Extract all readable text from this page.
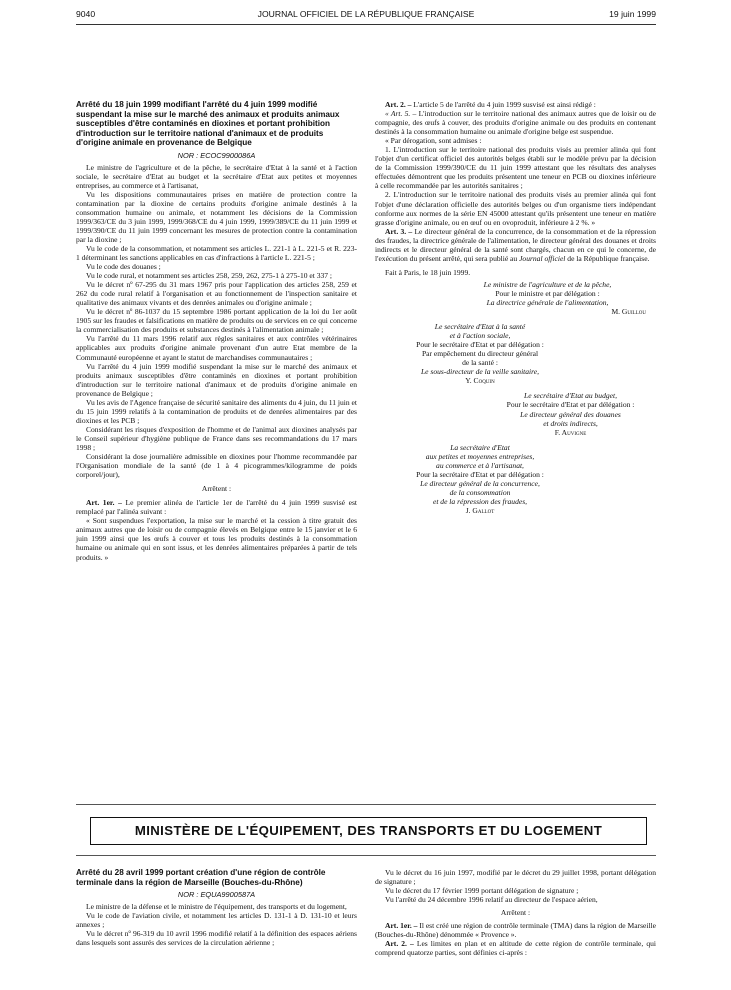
9040	JOURNAL OFFICIEL DE LA RÉPUBLIQUE FRANÇAISE	19 juin 1999

Arrêté du 18 juin 1999 modifiant l'arrêté du 4 juin 1999 modifié suspendant la mise sur le marché des animaux et produits animaux susceptibles d'être contaminés en dioxines et portant prohibition d'introduction sur le territoire national d'animaux et de produits d'origine animale en provenance de Belgique

NOR : ECOC9900086A

Le ministre de l'agriculture et de la pêche, le secrétaire d'Etat à la santé et à l'action sociale, le secrétaire d'Etat au budget et la secrétaire d'Etat aux petites et moyennes entreprises, au commerce et à l'artisanat,

Vu les dispositions communautaires prises en matière de protection contre la contamination par la dioxine de certains produits d'origine animale destinés à la consommation humaine ou animale, et notamment les décisions de la Commission 1999/363/CE du 3 juin 1999, 1999/368/CE du 4 juin 1999, 1999/389/CE du 11 juin 1999 et 1999/390/CE du 11 juin 1999 concernant les mesures de protection contre la contamination par la dioxine ;

Vu le code de la consommation, et notamment ses articles L. 221-1 à L. 221-5 et R. 223-1 déterminant les sanctions applicables en cas d'infractions à l'article L. 221-5 ;

Vu le code des douanes ;

Vu le code rural, et notamment ses articles 258, 259, 262, 275-1 à 275-10 et 337 ;

Vu le décret nº 67-295 du 31 mars 1967 pris pour l'application des articles 258, 259 et 262 du code rural relatif à l'organisation et au fonctionnement de l'inspection sanitaire et qualitative des animaux vivants et des denrées animales ou d'origine animale ;

Vu le décret nº 86-1037 du 15 septembre 1986 portant application de la loi du 1er août 1905 sur les fraudes et falsifications en matière de produits ou de services en ce qui concerne la commercialisation des produits et substances destinés à l'alimentation animale ;

Vu l'arrêté du 11 mars 1996 relatif aux règles sanitaires et aux contrôles vétérinaires applicables aux produits d'origine animale provenant d'un autre Etat membre de la Communauté européenne et ayant le statut de marchandises communautaires ;

Vu l'arrêté du 4 juin 1999 modifié suspendant la mise sur le marché des animaux et produits animaux susceptibles d'être contaminés en dioxines et portant prohibition d'introduction sur le territoire national d'animaux et de produits d'origine animale en provenance de Belgique ;

Vu les avis de l'Agence française de sécurité sanitaire des aliments du 4 juin, du 11 juin et du 15 juin 1999 relatifs à la contamination de produits et de denrées alimentaires par des dioxines et les PCB ;

Considérant les risques d'exposition de l'homme et de l'animal aux dioxines analysés par le Conseil supérieur d'hygiène publique de France dans ses recommandations du 17 mars 1998 ;

Considérant la dose journalière admissible en dioxines pour l'homme recommandée par l'Organisation mondiale de la santé (de 1 à 4 picogrammes/kilogramme de poids corporel/jour),

Arrêtent :

Art. 1er. – Le premier alinéa de l'article 1er de l'arrêté du 4 juin 1999 susvisé est remplacé par l'alinéa suivant :

« Sont suspendues l'exportation, la mise sur le marché et la cession à titre gratuit des animaux autres que de loisir ou de compagnie élevés en Belgique entre le 15 janvier et le 6 juin 1999 ainsi que les œufs à couver et tous les produits destinés à la consommation humaine ou animale qui en sont issus, et les denrées alimentaires préparées à partir de tels produits. »

Art. 2. – L'article 5 de l'arrêté du 4 juin 1999 susvisé est ainsi rédigé :

« Art. 5. – L'introduction sur le territoire national des animaux autres que de loisir ou de compagnie, des œufs à couver, des produits d'origine animale ou des produits en contenant destinés à la consommation humaine ou animale d'origine belge est suspendue.

« Par dérogation, sont admises :

1. L'introduction sur le territoire national des produits visés au premier alinéa qui font l'objet d'un certificat officiel des autorités belges établi sur le modèle prévu par la décision de la Commission 1999/390/CE du 11 juin 1999 attestant que les résultats des analyses effectuées démontrent que les produits présentent une teneur en PCB ou dioxines inférieure à celle recommandée par les autorités sanitaires ;

2. L'introduction sur le territoire national des produits visés au premier alinéa qui font l'objet d'une déclaration officielle des autorités belges ou d'un organisme tiers indépendant conforme aux normes de la série EN 45000 attestant qu'ils présentent une teneur en matière grasse d'origine animale, ou en œuf ou en ovoproduit, inférieure à 2 %. »

Art. 3. – Le directeur général de la concurrence, de la consommation et de la répression des fraudes, la directrice générale de l'alimentation, le directeur général des douanes et droits indirects et le directeur général de la santé sont chargés, chacun en ce qui le concerne, de l'exécution du présent arrêté, qui sera publié au Journal officiel de la République française.

Fait à Paris, le 18 juin 1999.

Le ministre de l'agriculture et de la pêche,
Pour le ministre et par délégation :
La directrice générale de l'alimentation,
M. Guillou
Le secrétaire d'Etat à la santé
et à l'action sociale,
Pour le secrétaire d'Etat et par délégation :
Par empêchement du directeur général
de la santé :
Le sous-directeur de la veille sanitaire,
Y. Coquin
Le secrétaire d'Etat au budget,
Pour le secrétaire d'Etat et par délégation :
Le directeur général des douanes
et droits indirects,
F. Auvigne
La secrétaire d'Etat
aux petites et moyennes entreprises,
au commerce et à l'artisanat,
Pour la secrétaire d'Etat et par délégation :
Le directeur général de la concurrence,
de la consommation
et de la répression des fraudes,
J. Gallot
MINISTÈRE DE L'ÉQUIPEMENT, DES TRANSPORTS ET DU LOGEMENT

Arrêté du 28 avril 1999 portant création d'une région de contrôle terminale dans la région de Marseille (Bouches-du-Rhône)

NOR : EQUA9900587A

Le ministre de la défense et le ministre de l'équipement, des transports et du logement,

Vu le code de l'aviation civile, et notamment les articles D. 131-1 à D. 131-10 et leurs annexes ;

Vu le décret nº 96-319 du 10 avril 1996 modifié relatif à la définition des espaces aériens dans lesquels sont assurés des services de la circulation aérienne ;

Vu le décret du 16 juin 1997, modifié par le décret du 29 juillet 1998, portant délégation de signature ;

Vu le décret du 17 février 1999 portant délégation de signature ;

Vu l'arrêté du 24 décembre 1996 relatif au directeur de l'espace aérien,

Arrêtent :

Art. 1er. – Il est créé une région de contrôle terminale (TMA) dans la région de Marseille (Bouches-du-Rhône) dénommée « Provence ».

Art. 2. – Les limites en plan et en altitude de cette région de contrôle terminale, qui comprend quatorze parties, sont définies ci-après :
